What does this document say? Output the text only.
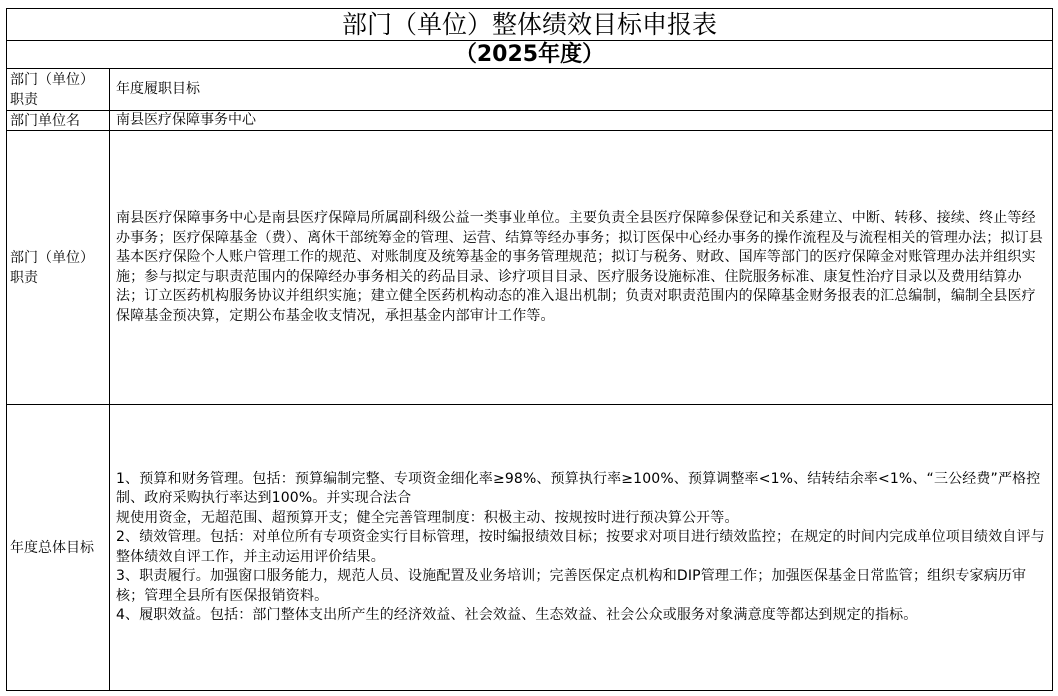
部门（单位）整体绩效目标申报表
（2025年度）
部门（单位）职责
年度履职目标
部门单位名	南县医疗保障事务中心
部门（单位）职责
南县医疗保障事务中心是南县医疗保障局所属副科级公益一类事业单位。主要负责全县医疗保障参保登记和关系建立、中断、转移、接续、终止等经办事务；医疗保障基金（费）、离休干部统筹金的管理、运营、结算等经办事务；拟订医保中心经办事务的操作流程及与流程相关的管理办法；拟订县基本医疗保险个人账户管理工作的规范、对账制度及统筹基金的事务管理规范；拟订与税务、财政、国库等部门的医疗保障金对账管理办法并组织实施；参与拟定与职责范围内的保障经办事务相关的药品目录、诊疗项目目录、医疗服务设施标准、住院服务标准、康复性治疗目录以及费用结算办法；订立医药机构服务协议并组织实施；建立健全医药机构动态的准入退出机制；负责对职责范围内的保障基金财务报表的汇总编制，编制全县医疗保障基金预决算，定期公布基金收支情况，承担基金内部审计工作等。
年度总体目标

1、预算和财务管理。包括：预算编制完整、专项资金细化率≥98%、预算执行率≥100%、预算调整率<1%、结转结余率<1%、“三公经费”严格控制、政府采购执行率达到100%。并实现合法合

规使用资金，无超范围、超预算开支；健全完善管理制度：积极主动、按规按时进行预决算公开等。

2、绩效管理。包括：对单位所有专项资金实行目标管理，按时编报绩效目标；按要求对项目进行绩效监控；在规定的时间内完成单位项目绩效自评与整体绩效自评工作，并主动运用评价结果。

3、职责履行。加强窗口服务能力，规范人员、设施配置及业务培训；完善医保定点机构和DIP管理工作；加强医保基金日常监管；组织专家病历审核；管理全县所有医保报销资料。

4、履职效益。包括：部门整体支出所产生的经济效益、社会效益、生态效益、社会公众或服务对象满意度等都达到规定的指标。
